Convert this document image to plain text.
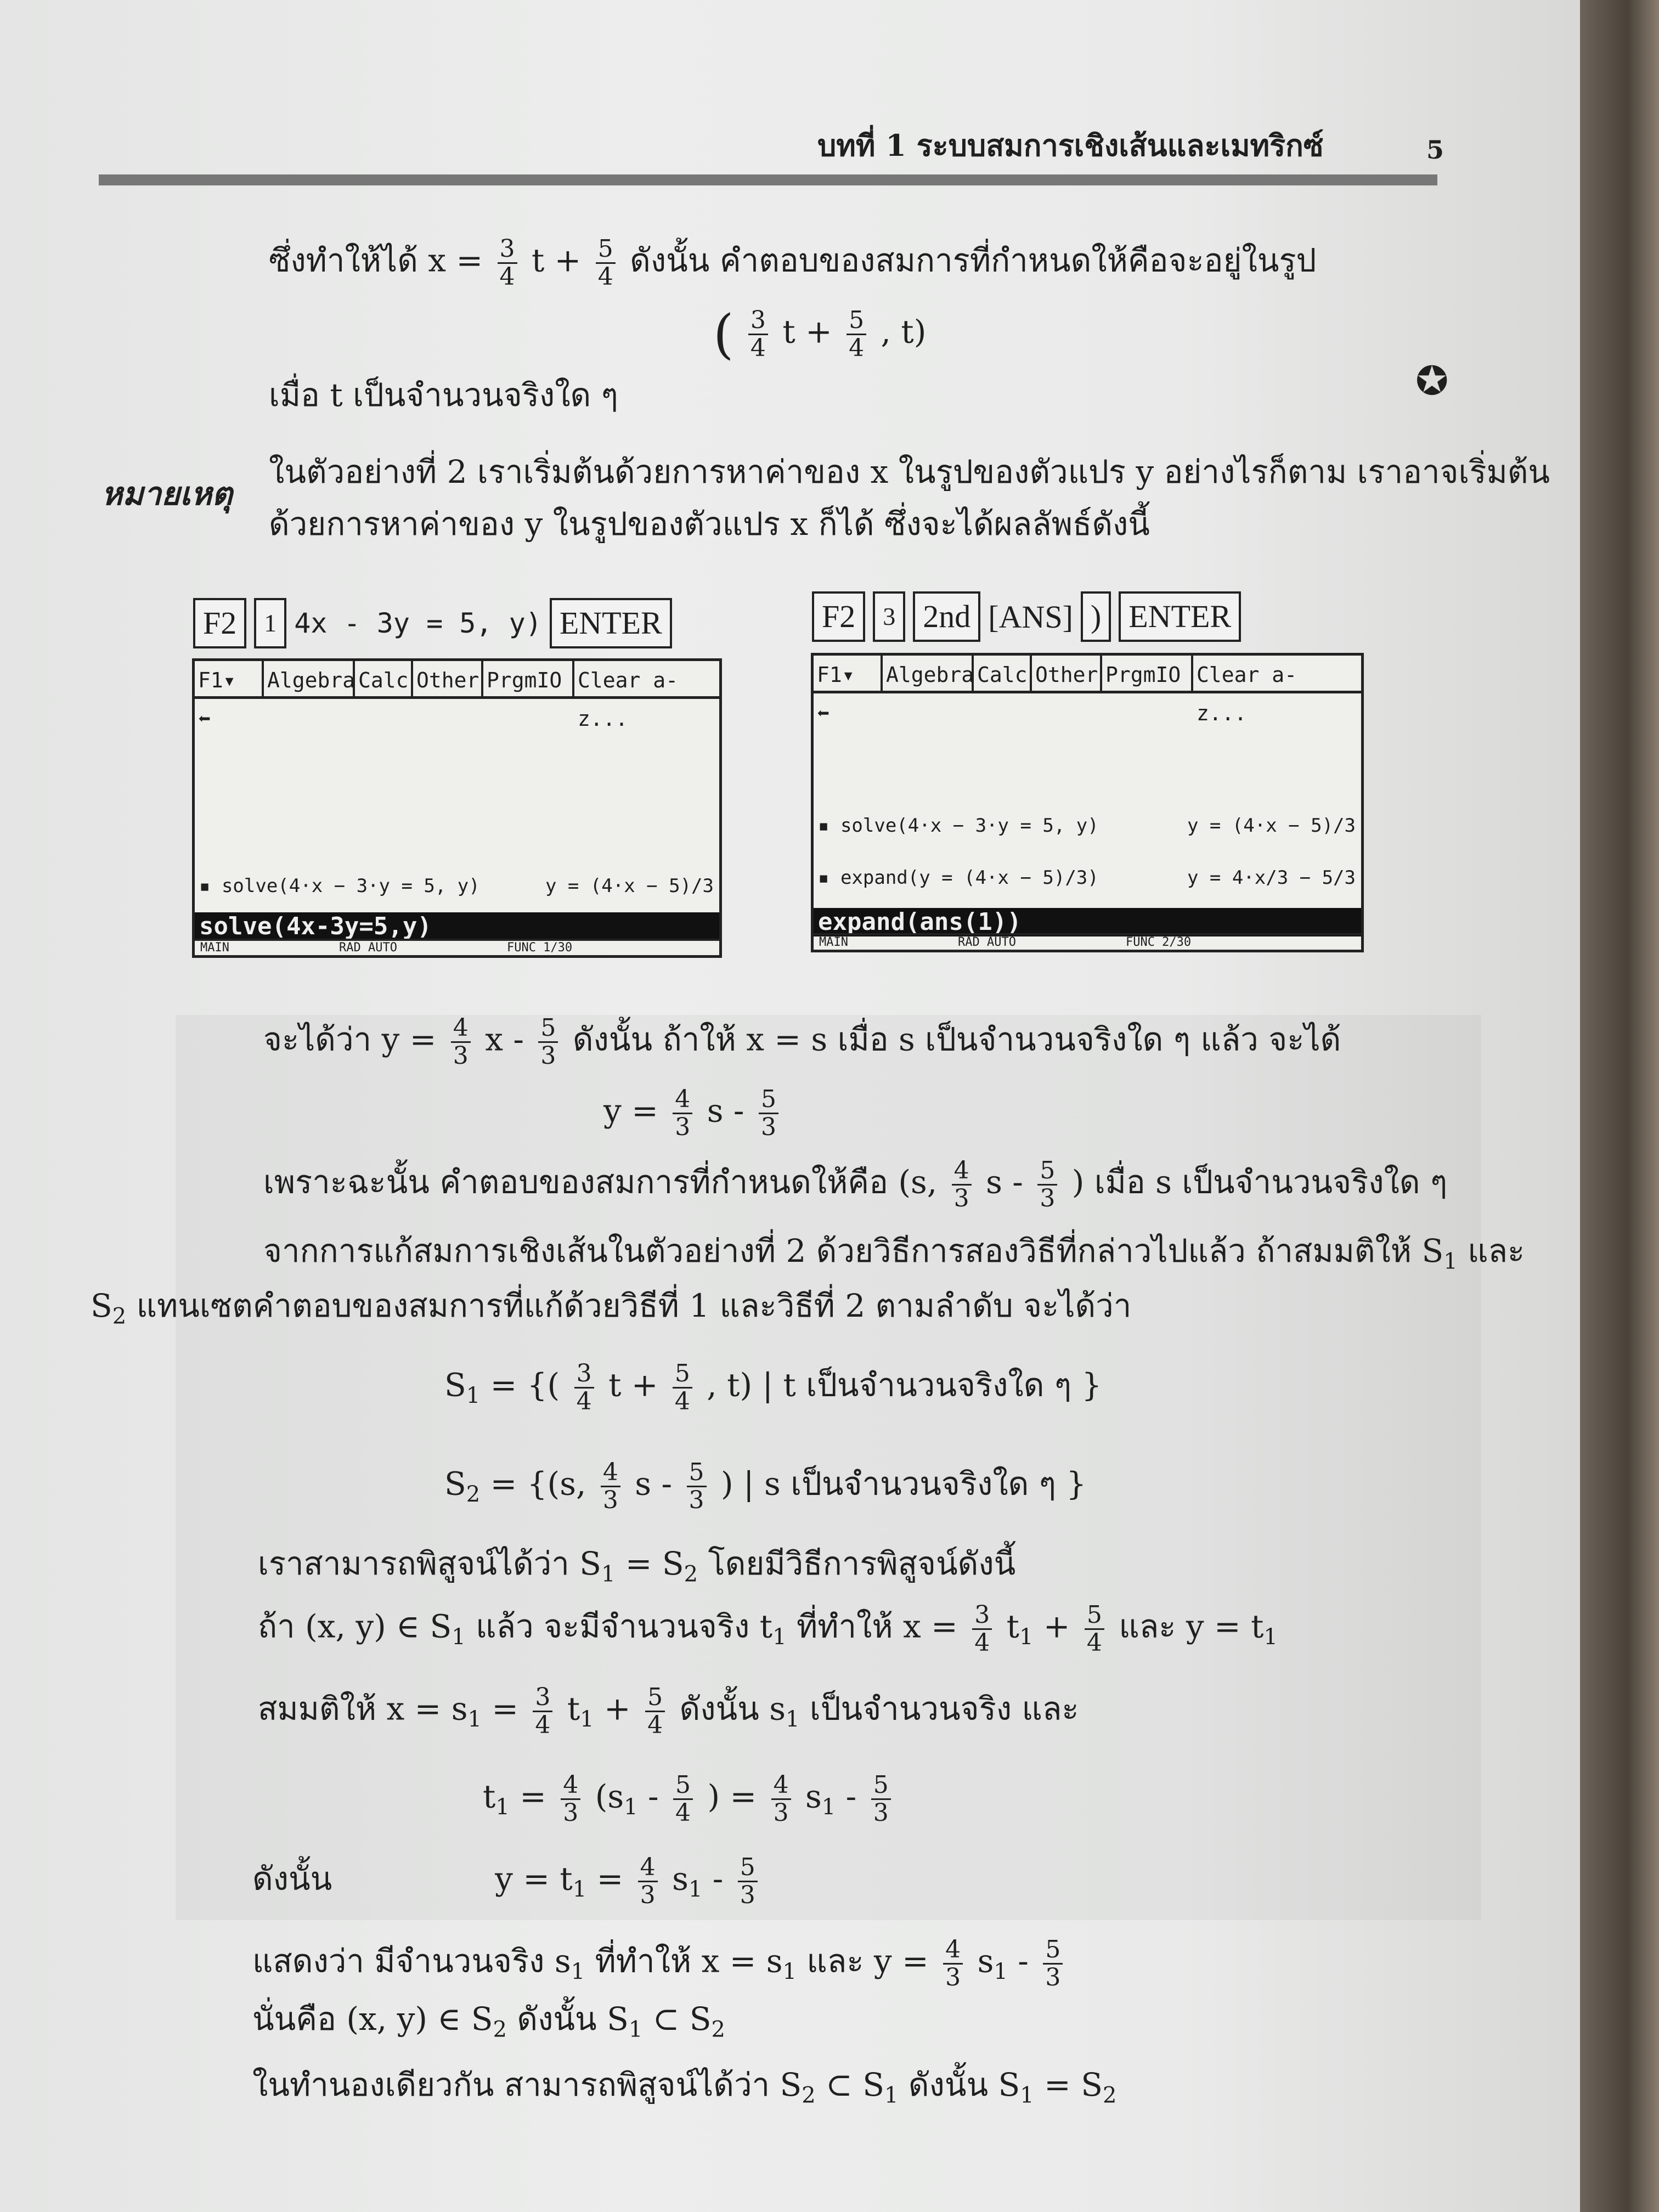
บทที่ 1 ระบบสมการเชิงเส้นและเมทริกซ์	5
ซึ่งทำให้ได้ $x = \frac{3}{4}$ $t + \frac{5}{4}$ ดังนั้น คำตอบของสมการที่กำหนดให้คือจะอยู่ในรูป
( $\frac{3}{4}$ $t + \frac{5}{4}$ , t)
เมื่อ t เป็นจำนวนจริงใด ๆ	✪
หมายเหตุ
ในตัวอย่างที่ 2 เราเริ่มต้นด้วยการหาค่าของ x ในรูปของตัวแปร y อย่างไรก็ตาม เราอาจเริ่มต้น
ด้วยการหาค่าของ y ในรูปของตัวแปร x ก็ได้ ซึ่งจะได้ผลลัพธ์ดังนี้
F2	1 4x - 3y = 5, y) ENTER	F2	3 2nd [ANS] ) ENTER
F1▾ ⬅
Algebra Calc Other PrgmIO Clear a-z...
▪ solve(4·x − 3·y = 5, y)	y = (4·x − 5)/3
solve(4x-3y=5,y)
MAIN	RAD AUTO	FUNC 1/30
F1▾ ⬅
Algebra Calc Other PrgmIO Clear a-z...
▪ solve(4·x − 3·y = 5, y)	y = (4·x − 5)/3
▪ expand(y = (4·x − 5)/3)	y = 4·x/3 − 5/3
expand(ans(1))
MAIN	RAD AUTO	FUNC 2/30
จะได้ว่า $y = \frac{4}{3}$ x - $\frac{5}{3}$ ดังนั้น ถ้าให้ x = s เมื่อ s เป็นจำนวนจริงใด ๆ แล้ว จะได้
$y = \frac{4}{3}$ s - $\frac{5}{3}$
เพราะฉะนั้น คำตอบของสมการที่กำหนดให้คือ (s, $\frac{4}{3}$ s - $\frac{5}{3}$ ) เมื่อ s เป็นจำนวนจริงใด ๆ
จากการแก้สมการเชิงเส้นในตัวอย่างที่ 2 ด้วยวิธีการสองวิธีที่กล่าวไปแล้ว ถ้าสมมติให้ $S_1$ และ
$S_2$ แทนเซตคำตอบของสมการที่แก้ด้วยวิธีที่ 1 และวิธีที่ 2 ตามลำดับ จะได้ว่า
$S_1$ = {( $\frac{3}{4}$ $t + \frac{5}{4}$ , t) | t เป็นจำนวนจริงใด ๆ }
$S_2 = \{(s$, $\frac{4}{3}$ s - $\frac{5}{3}$ ) | s เป็นจำนวนจริงใด ๆ }
เราสามารถพิสูจน์ได้ว่า $S_1 = S_2$ โดยมีวิธีการพิสูจน์ดังนี้
ถ้า (x, y) ∈ $S_1$ แล้ว จะมีจำนวนจริง $t_1$ ที่ทำให้ $x = \frac{3}{4} t_1 + \frac{5}{4}$ และ $y = t_1$
สมมติให้ $x = s_1 = \frac{3}{4} t_1 + \frac{5}{4}$ ดังนั้น $s_1$ เป็นจำนวนจริง และ
$t_1 = \frac{4}{3} (s_1 - \frac{5}{4}$ ) = $\frac{4}{3} s_1 - \frac{5}{3}$
ดังนั้น	$y = t_1 = \frac{4}{3} s_1 - \frac{5}{3}$
แสดงว่า มีจำนวนจริง $s_1$ ที่ทำให้ $x = s_1$ และ $y = \frac{4}{3} s_1 - \frac{5}{3}$
นั่นคือ (x, y) ∈ $S_2$ ดังนั้น $S_1$ ⊂ $S_2$
ในทำนองเดียวกัน สามารถพิสูจน์ได้ว่า $S_2$ ⊂ $S_1$ ดังนั้น $S_1 = S_2$
